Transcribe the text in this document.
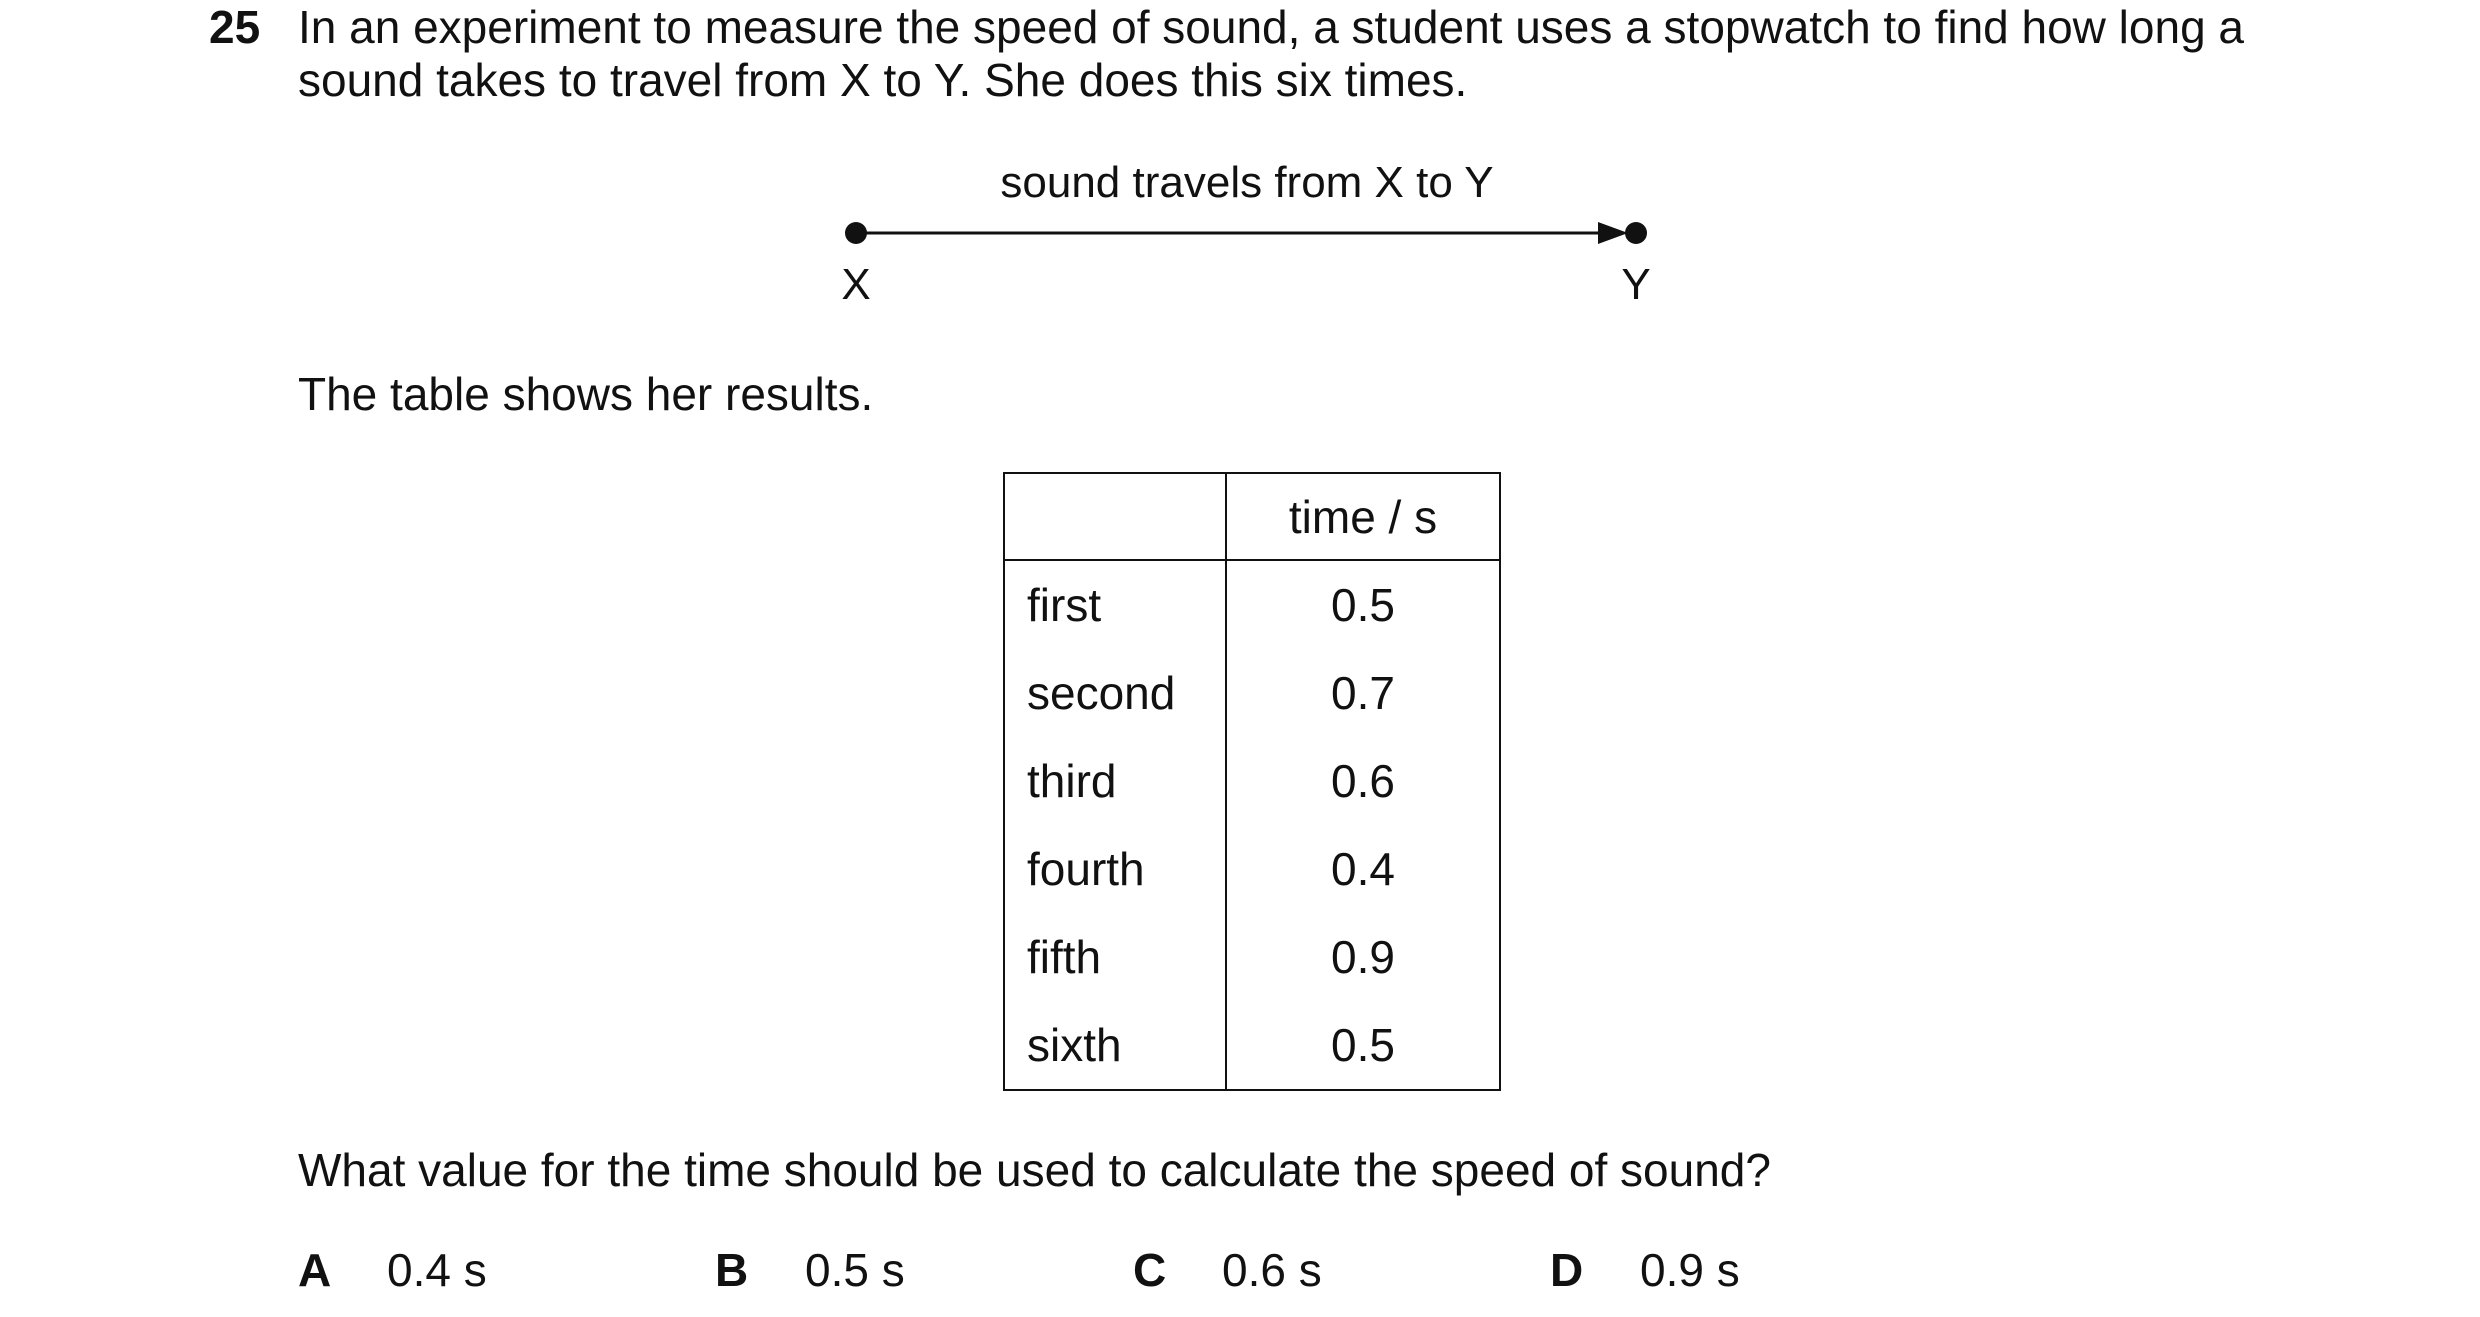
25 In an experiment to measure the speed of sound, a student uses a stopwatch to find how long a
sound takes to travel from X to Y. She does this six times.
sound travels from X to Y
X	Y
The table shows her results.
	time / s
first	0.5
second	0.7
third	0.6
fourth	0.4
fifth	0.9
sixth	0.5
What value for the time should be used to calculate the speed of sound?
A 0.4 s	B 0.5 s	C 0.6 s	D 0.9 s
